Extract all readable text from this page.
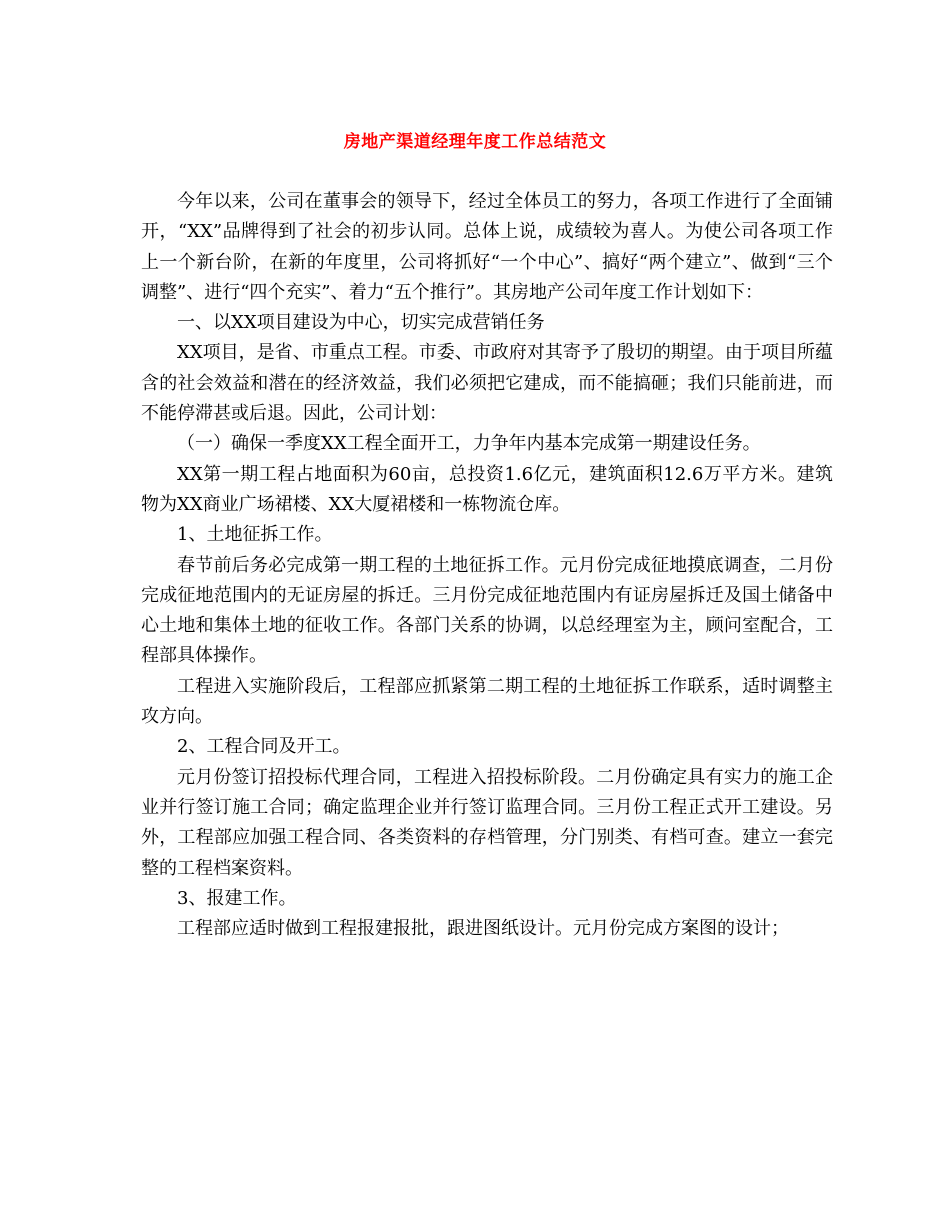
房地产渠道经理年度工作总结范文

今年以来，公司在董事会的领导下，经过全体员工的努力，各项工作进行了全面铺开，“XX”品牌得到了社会的初步认同。总体上说，成绩较为喜人。为使公司各项工作上一个新台阶，在新的年度里，公司将抓好“一个中心”、搞好“两个建立”、做到“三个调整”、进行“四个充实”、着力“五个推行”。其房地产公司年度工作计划如下：

一、以XX项目建设为中心，切实完成营销任务

XX项目，是省、市重点工程。市委、市政府对其寄予了殷切的期望。由于项目所蕴含的社会效益和潜在的经济效益，我们必须把它建成，而不能搞砸；我们只能前进，而不能停滞甚或后退。因此，公司计划：

（一）确保一季度XX工程全面开工，力争年内基本完成第一期建设任务。

XX第一期工程占地面积为60亩，总投资1.6亿元，建筑面积12.6万平方米。建筑物为XX商业广场裙楼、XX大厦裙楼和一栋物流仓库。

1、土地征拆工作。

春节前后务必完成第一期工程的土地征拆工作。元月份完成征地摸底调查，二月份完成征地范围内的无证房屋的拆迁。三月份完成征地范围内有证房屋拆迁及国土储备中心土地和集体土地的征收工作。各部门关系的协调，以总经理室为主，顾问室配合，工程部具体操作。

工程进入实施阶段后，工程部应抓紧第二期工程的土地征拆工作联系，适时调整主攻方向。

2、工程合同及开工。

元月份签订招投标代理合同，工程进入招投标阶段。二月份确定具有实力的施工企业并行签订施工合同；确定监理企业并行签订监理合同。三月份工程正式开工建设。另外，工程部应加强工程合同、各类资料的存档管理，分门别类、有档可查。建立一套完整的工程档案资料。

3、报建工作。

工程部应适时做到工程报建报批，跟进图纸设计。元月份完成方案图的设计；
